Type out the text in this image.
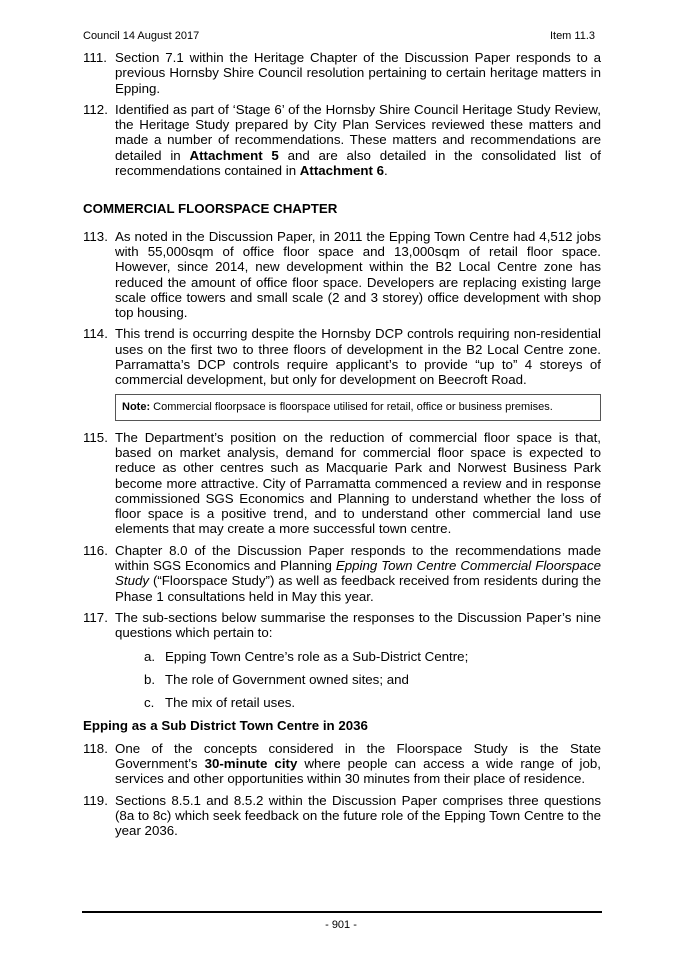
Council 14 August 2017	Item 11.3
111. Section 7.1 within the Heritage Chapter of the Discussion Paper responds to a previous Hornsby Shire Council resolution pertaining to certain heritage matters in Epping.
112. Identified as part of ‘Stage 6’ of the Hornsby Shire Council Heritage Study Review, the Heritage Study prepared by City Plan Services reviewed these matters and made a number of recommendations. These matters and recommendations are detailed in Attachment 5 and are also detailed in the consolidated list of recommendations contained in Attachment 6.
COMMERCIAL FLOORSPACE CHAPTER
113. As noted in the Discussion Paper, in 2011 the Epping Town Centre had 4,512 jobs with 55,000sqm of office floor space and 13,000sqm of retail floor space. However, since 2014, new development within the B2 Local Centre zone has reduced the amount of office floor space. Developers are replacing existing large scale office towers and small scale (2 and 3 storey) office development with shop top housing.
114. This trend is occurring despite the Hornsby DCP controls requiring non-residential uses on the first two to three floors of development in the B2 Local Centre zone. Parramatta’s DCP controls require applicant’s to provide “up to” 4 storeys of commercial development, but only for development on Beecroft Road.
Note: Commercial floorpsace is floorspace utilised for retail, office or business premises.
115. The Department’s position on the reduction of commercial floor space is that, based on market analysis, demand for commercial floor space is expected to reduce as other centres such as Macquarie Park and Norwest Business Park become more attractive. City of Parramatta commenced a review and in response commissioned SGS Economics and Planning to understand whether the loss of floor space is a positive trend, and to understand other commercial land use elements that may create a more successful town centre.
116. Chapter 8.0 of the Discussion Paper responds to the recommendations made within SGS Economics and Planning Epping Town Centre Commercial Floorspace Study (“Floorspace Study”) as well as feedback received from residents during the Phase 1 consultations held in May this year.
117. The sub-sections below summarise the responses to the Discussion Paper’s nine questions which pertain to:
a. Epping Town Centre’s role as a Sub-District Centre;
b. The role of Government owned sites; and
c. The mix of retail uses.
Epping as a Sub District Town Centre in 2036
118. One of the concepts considered in the Floorspace Study is the State Government’s 30-minute city where people can access a wide range of job, services and other opportunities within 30 minutes from their place of residence.
119. Sections 8.5.1 and 8.5.2 within the Discussion Paper comprises three questions (8a to 8c) which seek feedback on the future role of the Epping Town Centre to the year 2036.
- 901 -
